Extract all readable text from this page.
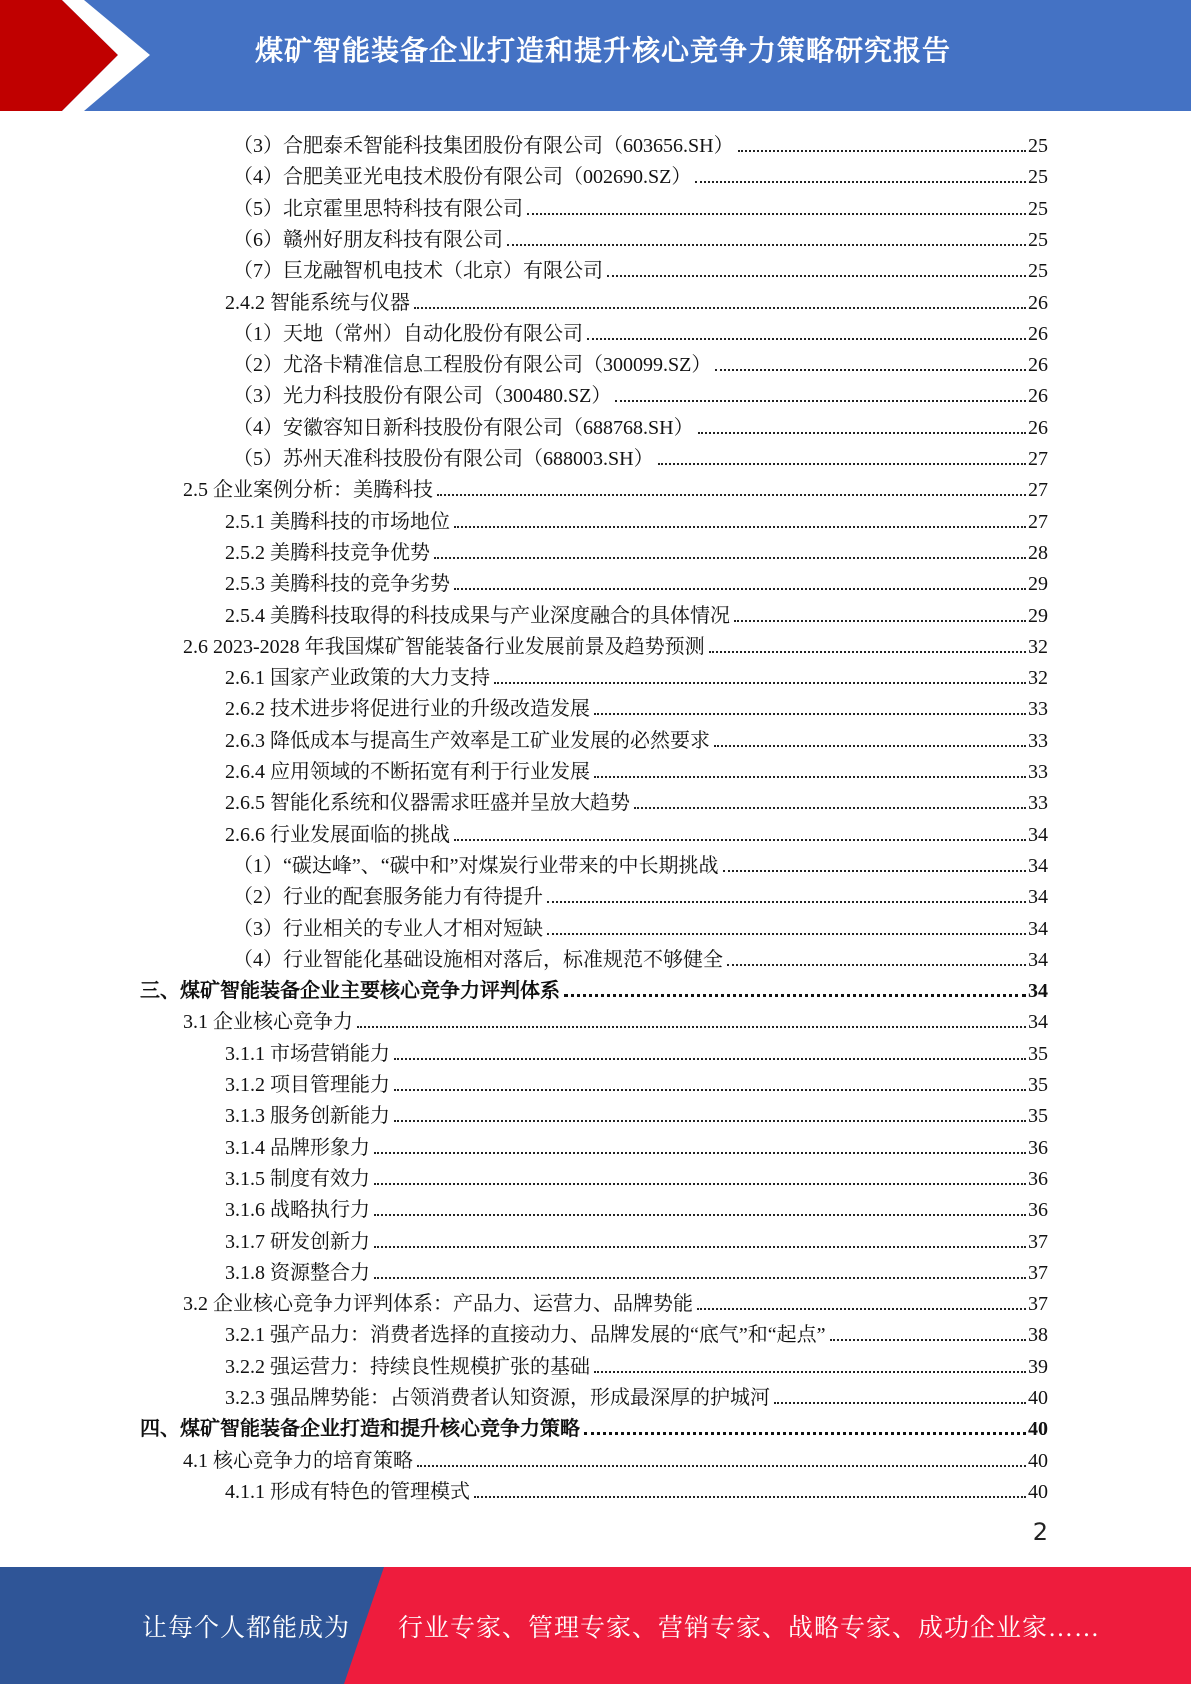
煤矿智能装备企业打造和提升核心竞争力策略研究报告
（3）合肥泰禾智能科技集团股份有限公司（603656.SH）	25
（4）合肥美亚光电技术股份有限公司（002690.SZ）	25
（5）北京霍里思特科技有限公司	25
（6）赣州好朋友科技有限公司	25
（7）巨龙融智机电技术（北京）有限公司	25
2.4.2 智能系统与仪器	26
（1）天地（常州）自动化股份有限公司	26
（2）尤洛卡精准信息工程股份有限公司（300099.SZ）	26
（3）光力科技股份有限公司（300480.SZ）	26
（4）安徽容知日新科技股份有限公司（688768.SH）	26
（5）苏州天准科技股份有限公司（688003.SH）	27
2.5 企业案例分析：美腾科技	27
2.5.1 美腾科技的市场地位	27
2.5.2 美腾科技竞争优势	28
2.5.3 美腾科技的竞争劣势	29
2.5.4 美腾科技取得的科技成果与产业深度融合的具体情况	29
2.6 2023-2028 年我国煤矿智能装备行业发展前景及趋势预测	32
2.6.1 国家产业政策的大力支持	32
2.6.2 技术进步将促进行业的升级改造发展	33
2.6.3 降低成本与提高生产效率是工矿业发展的必然要求	33
2.6.4 应用领域的不断拓宽有利于行业发展	33
2.6.5 智能化系统和仪器需求旺盛并呈放大趋势	33
2.6.6 行业发展面临的挑战	34
（1）“碳达峰”、“碳中和”对煤炭行业带来的中长期挑战	34
（2）行业的配套服务能力有待提升	34
（3）行业相关的专业人才相对短缺	34
（4）行业智能化基础设施相对落后，标准规范不够健全	34
三、煤矿智能装备企业主要核心竞争力评判体系	34
3.1 企业核心竞争力	34
3.1.1 市场营销能力	35
3.1.2 项目管理能力	35
3.1.3 服务创新能力	35
3.1.4 品牌形象力	36
3.1.5 制度有效力	36
3.1.6 战略执行力	36
3.1.7 研发创新力	37
3.1.8 资源整合力	37
3.2 企业核心竞争力评判体系：产品力、运营力、品牌势能	37
3.2.1 强产品力：消费者选择的直接动力、品牌发展的“底气”和“起点”	38
3.2.2 强运营力：持续良性规模扩张的基础	39
3.2.3 强品牌势能：占领消费者认知资源，形成最深厚的护城河	40
四、煤矿智能装备企业打造和提升核心竞争力策略	40
4.1 核心竞争力的培育策略	40
4.1.1 形成有特色的管理模式	40
2
让每个人都能成为 行业专家、管理专家、营销专家、战略专家、成功企业家……
